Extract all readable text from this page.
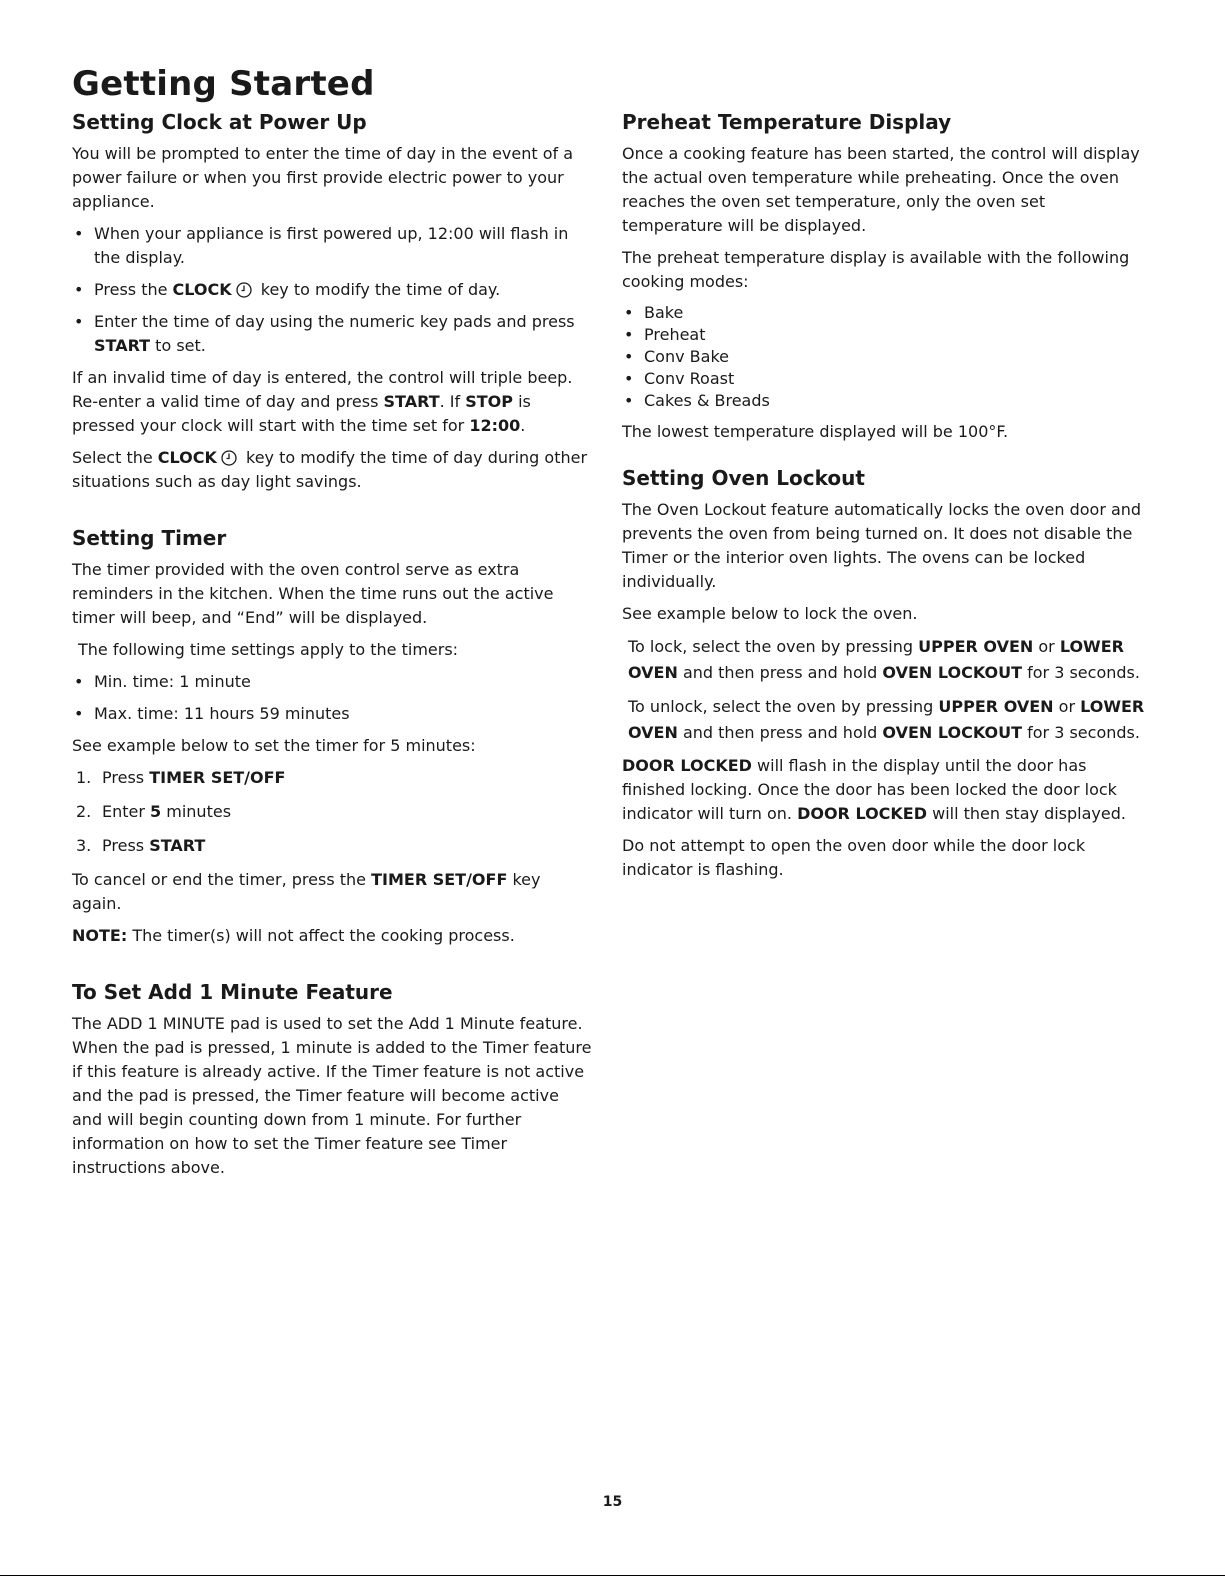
Getting Started
Setting Clock at Power Up

You will be prompted to enter the time of day in the event of a power failure or when you first provide electric power to your appliance.

• When your appliance is first powered up, 12:00 will flash in the display.
• Press the CLOCK key to modify the time of day.
• Enter the time of day using the numeric key pads and press START to set.

If an invalid time of day is entered, the control will triple beep. Re-enter a valid time of day and press START. If STOP is pressed your clock will start with the time set for 12:00.

Select the CLOCK key to modify the time of day during other situations such as day light savings.

Setting Timer

The timer provided with the oven control serve as extra reminders in the kitchen. When the time runs out the active timer will beep, and “End” will be displayed.

The following time settings apply to the timers:

• Min. time: 1 minute
• Max. time: 11 hours 59 minutes

See example below to set the timer for 5 minutes:

1. Press TIMER SET/OFF
2. Enter 5 minutes
3. Press START

To cancel or end the timer, press the TIMER SET/OFF key again.

NOTE: The timer(s) will not affect the cooking process.

To Set Add 1 Minute Feature

The ADD 1 MINUTE pad is used to set the Add 1 Minute feature. When the pad is pressed, 1 minute is added to the Timer feature if this feature is already active. If the Timer feature is not active and the pad is pressed, the Timer feature will become active and will begin counting down from 1 minute. For further information on how to set the Timer feature see Timer instructions above.

Preheat Temperature Display

Once a cooking feature has been started, the control will display the actual oven temperature while preheating. Once the oven reaches the oven set temperature, only the oven set temperature will be displayed.

The preheat temperature display is available with the following cooking modes:

• Bake
• Preheat
• Conv Bake
• Conv Roast
• Cakes & Breads

The lowest temperature displayed will be 100°F.

Setting Oven Lockout

The Oven Lockout feature automatically locks the oven door and prevents the oven from being turned on. It does not disable the Timer or the interior oven lights. The ovens can be locked individually.

See example below to lock the oven.

To lock, select the oven by pressing UPPER OVEN or LOWER OVEN and then press and hold OVEN LOCKOUT for 3 seconds.

To unlock, select the oven by pressing UPPER OVEN or LOWER OVEN and then press and hold OVEN LOCKOUT for 3 seconds.

DOOR LOCKED will flash in the display until the door has finished locking. Once the door has been locked the door lock indicator will turn on. DOOR LOCKED will then stay displayed.

Do not attempt to open the oven door while the door lock indicator is flashing.

15
